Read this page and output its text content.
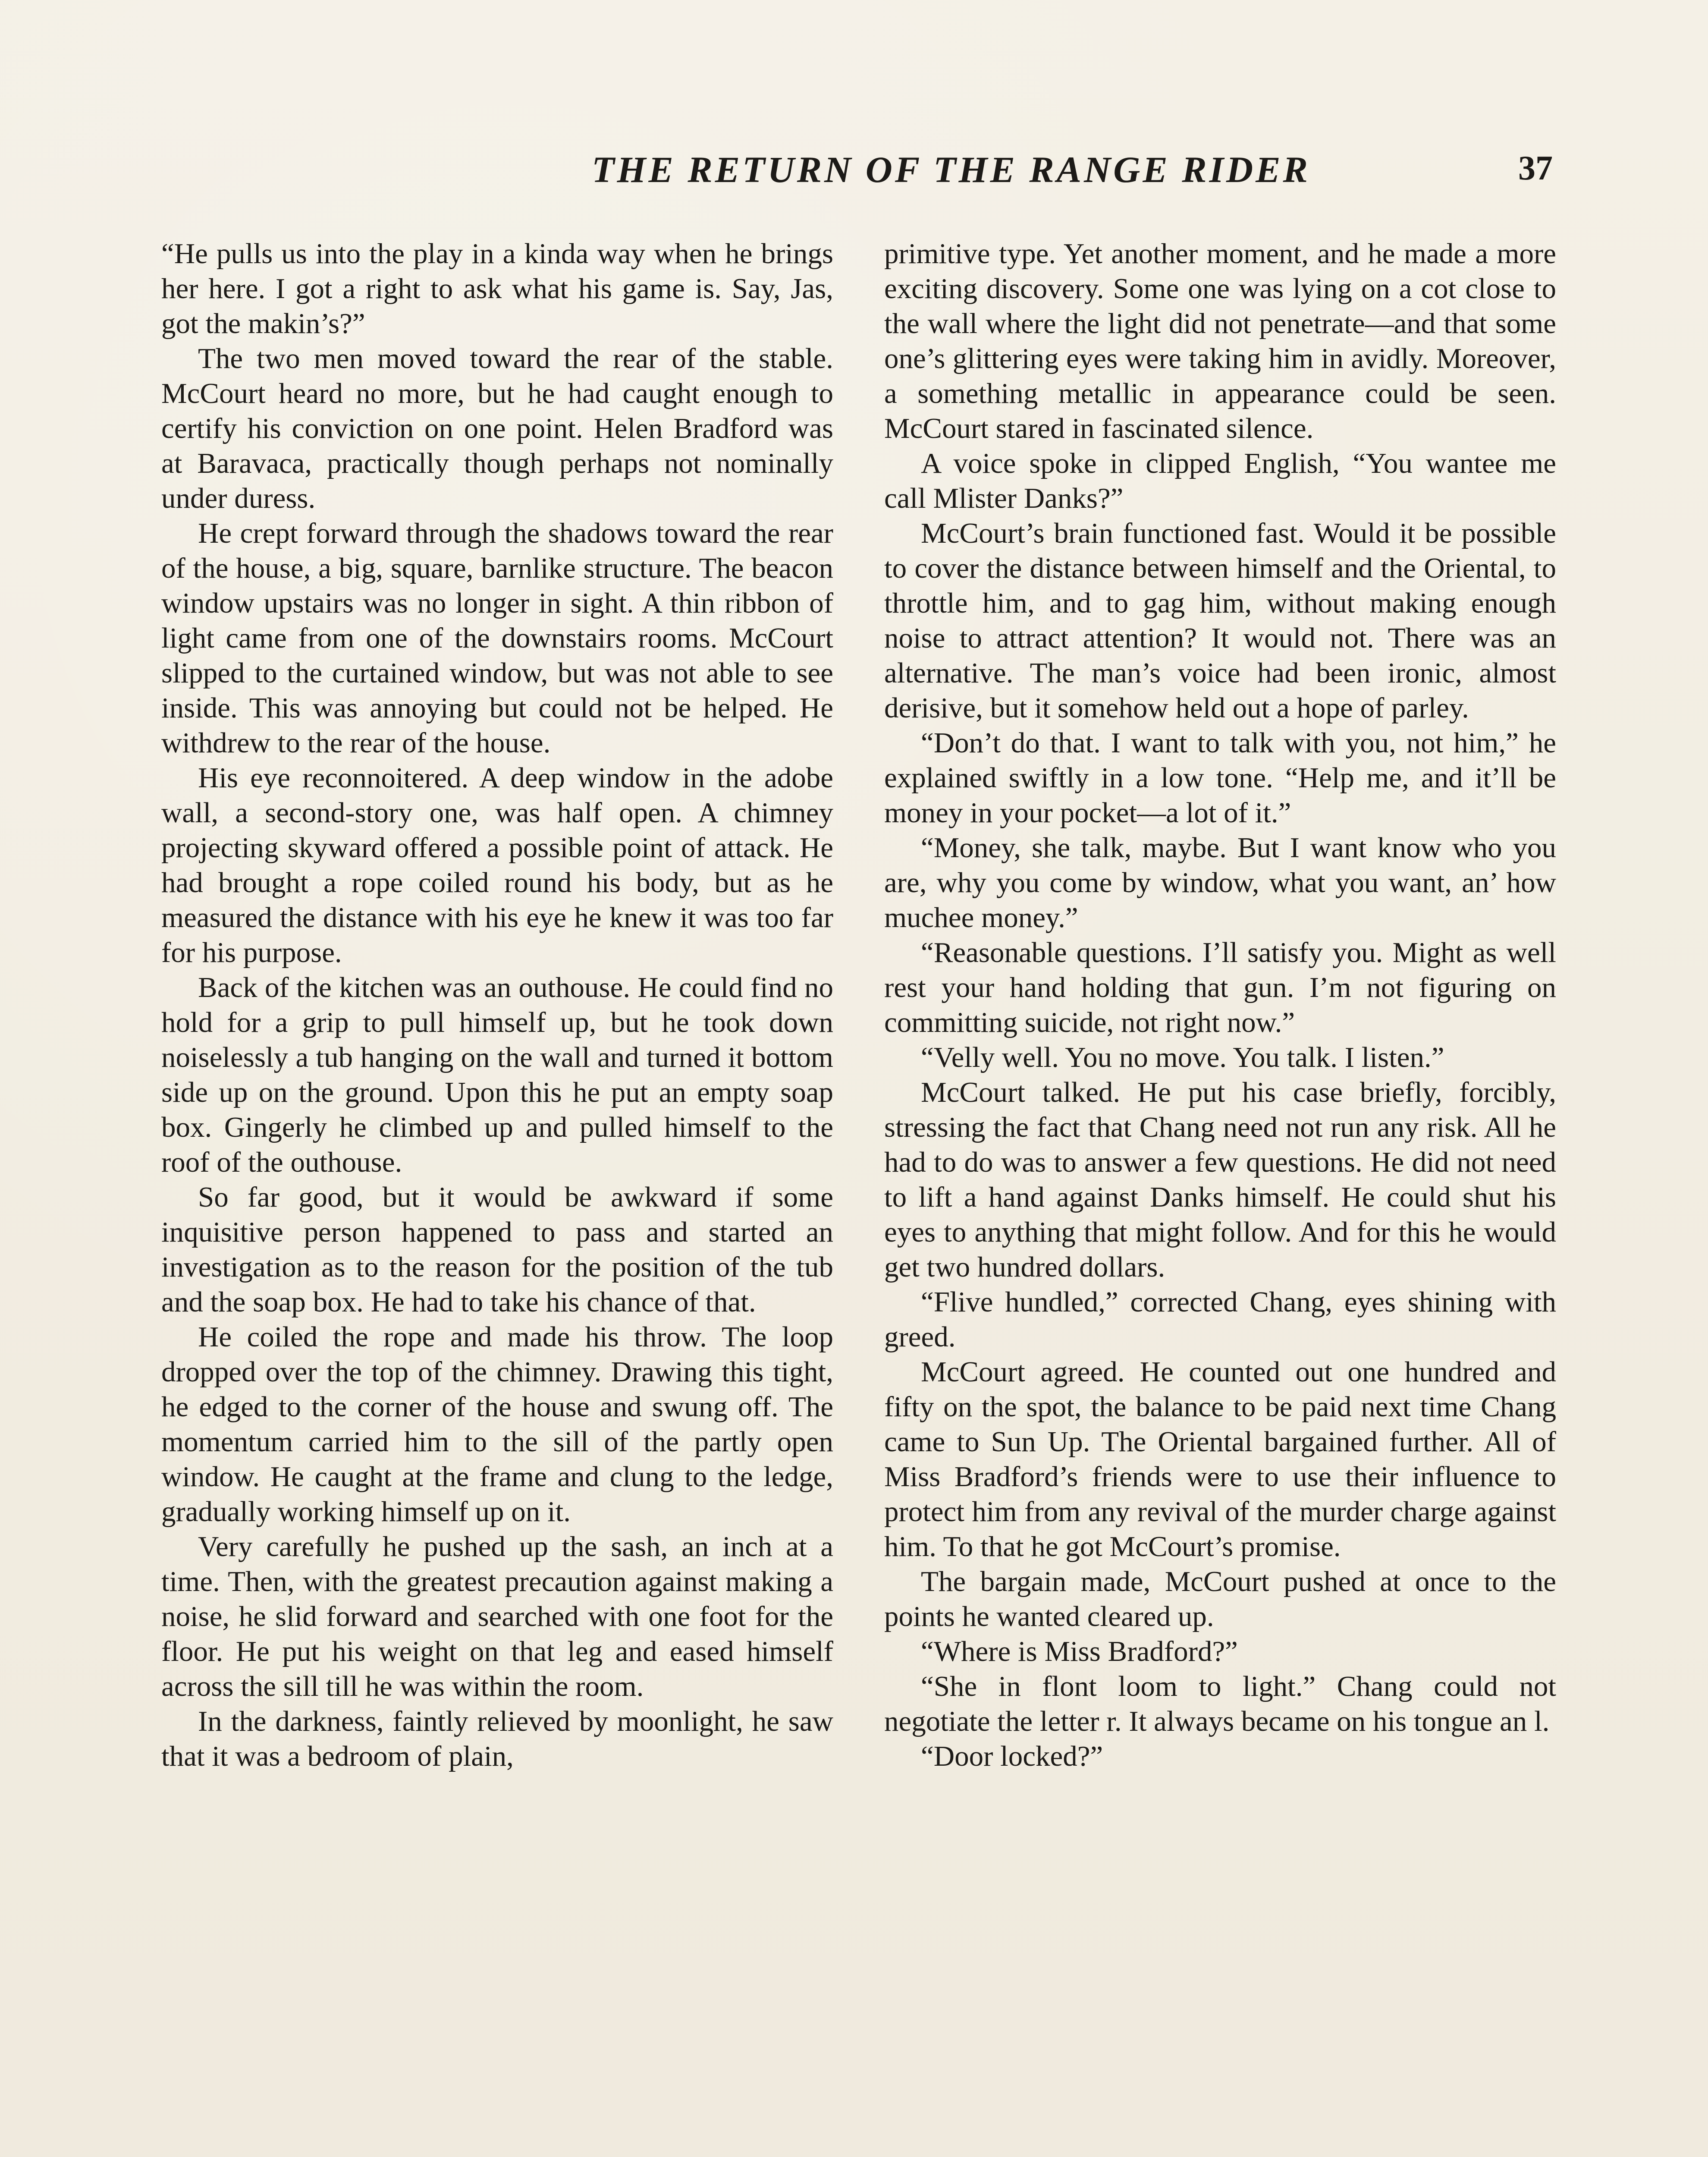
THE RETURN OF THE RANGE RIDER	37

“He pulls us into the play in a kinda way when he brings her here. I got a right to ask what his game is. Say, Jas, got the makin’s?”

The two men moved toward the rear of the stable. McCourt heard no more, but he had caught enough to certify his conviction on one point. Helen Bradford was at Baravaca, practically though perhaps not nominally under duress.

He crept forward through the shadows toward the rear of the house, a big, square, barnlike structure. The beacon window upstairs was no longer in sight. A thin ribbon of light came from one of the downstairs rooms. McCourt slipped to the curtained window, but was not able to see inside. This was annoying but could not be helped. He withdrew to the rear of the house.

His eye reconnoitered. A deep window in the adobe wall, a second-story one, was half open. A chimney projecting skyward offered a possible point of attack. He had brought a rope coiled round his body, but as he measured the distance with his eye he knew it was too far for his purpose.

Back of the kitchen was an outhouse. He could find no hold for a grip to pull himself up, but he took down noiselessly a tub hanging on the wall and turned it bottom side up on the ground. Upon this he put an empty soap box. Gingerly he climbed up and pulled himself to the roof of the outhouse.

So far good, but it would be awkward if some inquisitive person happened to pass and started an investigation as to the reason for the position of the tub and the soap box. He had to take his chance of that.

He coiled the rope and made his throw. The loop dropped over the top of the chimney. Drawing this tight, he edged to the corner of the house and swung off. The momentum carried him to the sill of the partly open window. He caught at the frame and clung to the ledge, gradually working himself up on it.

Very carefully he pushed up the sash, an inch at a time. Then, with the greatest precaution against making a noise, he slid forward and searched with one foot for the floor. He put his weight on that leg and eased himself across the sill till he was within the room.

In the darkness, faintly relieved by moonlight, he saw that it was a bedroom of plain,

primitive type. Yet another moment, and he made a more exciting discovery. Some one was lying on a cot close to the wall where the light did not penetrate—and that some one’s glittering eyes were taking him in avidly. Moreover, a something metallic in appearance could be seen. McCourt stared in fascinated silence.

A voice spoke in clipped English, “You wantee me call Mlister Danks?”

McCourt’s brain functioned fast. Would it be possible to cover the distance between himself and the Oriental, to throttle him, and to gag him, without making enough noise to attract attention? It would not. There was an alternative. The man’s voice had been ironic, almost derisive, but it somehow held out a hope of parley.

“Don’t do that. I want to talk with you, not him,” he explained swiftly in a low tone. “Help me, and it’ll be money in your pocket—a lot of it.”

“Money, she talk, maybe. But I want know who you are, why you come by window, what you want, an’ how muchee money.”

“Reasonable questions. I’ll satisfy you. Might as well rest your hand holding that gun. I’m not figuring on committing suicide, not right now.”

“Velly well. You no move. You talk. I listen.”

McCourt talked. He put his case briefly, forcibly, stressing the fact that Chang need not run any risk. All he had to do was to answer a few questions. He did not need to lift a hand against Danks himself. He could shut his eyes to anything that might follow. And for this he would get two hundred dollars.

“Flive hundled,” corrected Chang, eyes shining with greed.

McCourt agreed. He counted out one hundred and fifty on the spot, the balance to be paid next time Chang came to Sun Up. The Oriental bargained further. All of Miss Bradford’s friends were to use their influence to protect him from any revival of the murder charge against him. To that he got McCourt’s promise.

The bargain made, McCourt pushed at once to the points he wanted cleared up.

“Where is Miss Bradford?”

“She in flont loom to light.” Chang could not negotiate the letter r. It always became on his tongue an l.

“Door locked?”
